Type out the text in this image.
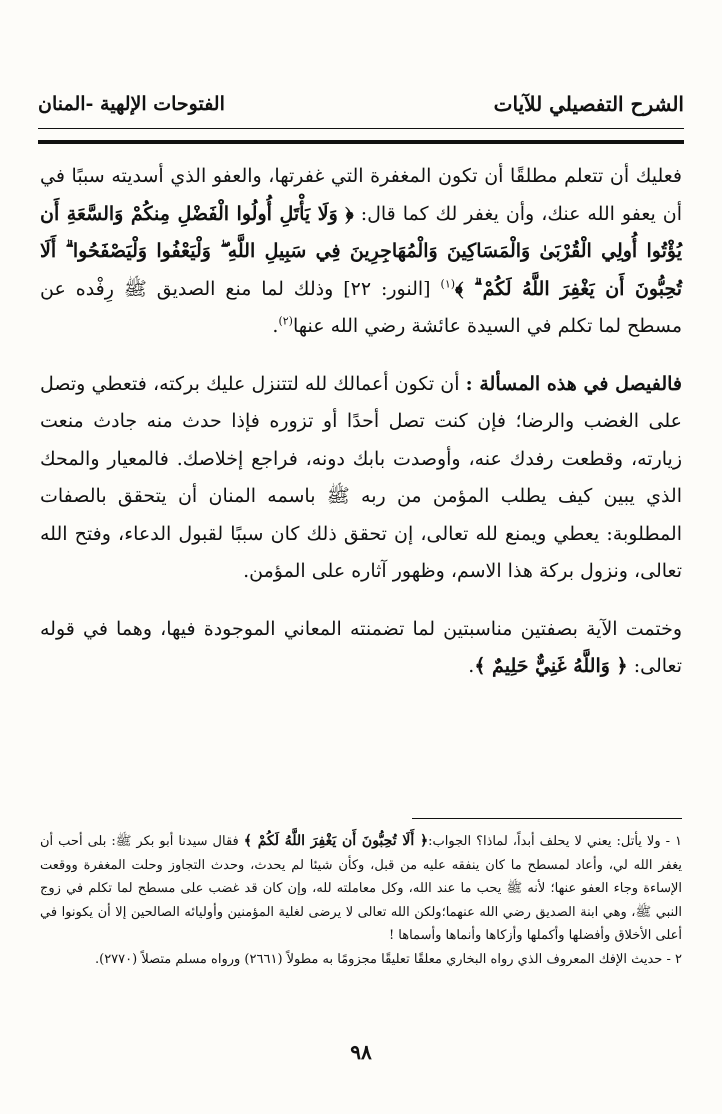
الشرح التفصيلي للآيات
الفتوحات الإلهية -المنان

فعليك أن تتعلم مطلقًا أن تكون المغفرة التي غفرتها، والعفو الذي أسديته سببًا في أن يعفو الله عنك، وأن يغفر لك كما قال: ﴿ وَلَا يَأْتَلِ أُولُوا الْفَضْلِ مِنكُمْ وَالسَّعَةِ أَن يُؤْتُوا أُولِي الْقُرْبَىٰ وَالْمَسَاكِينَ وَالْمُهَاجِرِينَ فِي سَبِيلِ اللَّهِ ۖ وَلْيَعْفُوا وَلْيَصْفَحُوا ۗ أَلَا تُحِبُّونَ أَن يَغْفِرَ اللَّهُ لَكُمْ ۗ ﴾$^{(١)}$ [النور: ٢٢] وذلك لما منع الصديق ﷺ رِفْده عن مسطح لما تكلم في السيدة عائشة رضي الله عنها$^{(٢)}$.

فالفيصل في هذه المسألة : أن تكون أعمالك لله لتتنزل عليك بركته، فتعطي وتصل على الغضب والرضا؛ فإن كنت تصل أحدًا أو تزوره فإذا حدث منه جادث منعت زيارته، وقطعت رفدك عنه، وأوصدت بابك دونه، فراجع إخلاصك. فالمعيار والمحك الذي يبين كيف يطلب المؤمن من ربه ﷺ باسمه المنان أن يتحقق بالصفات المطلوبة: يعطي ويمنع لله تعالى، إن تحقق ذلك كان سببًا لقبول الدعاء، وفتح الله تعالى، ونزول بركة هذا الاسم، وظهور آثاره على المؤمن.

وختمت الآية بصفتين مناسبتين لما تضمنته المعاني الموجودة فيها، وهما في قوله تعالى: ﴿ وَاللَّهُ غَنِيٌّ حَلِيمٌ ﴾.

١ - ولا يأتل: يعني لا يحلف أبداً، لماذا؟ الجواب:﴿ أَلَا تُحِبُّونَ أَن يَغْفِرَ اللَّهُ لَكُمْ ﴾ فقال سيدنا أبو بكر ﷺ: بلى أحب أن يغفر الله لي، وأعاد لمسطح ما كان ينفقه عليه من قبل، وكأن شيئا لم يحدث، وحدث التجاوز وحلت المغفرة ووقعت الإساءة وجاء العفو عنها؛ لأنه ﷺ يحب ما عند الله، وكل معاملته لله، وإن كان قد غضب على مسطح لما تكلم في زوج النبي ﷺ، وهي ابنة الصديق رضي الله عنهما؛ولكن الله تعالى لا يرضى لغلية المؤمنين وأوليائه الصالحين إلا أن يكونوا في أعلى الأخلاق وأفضلها وأكملها وأزكاها وأنماها وأسماها !

٢ - حديث الإفك المعروف الذي رواه البخاري معلقًا تعليقًا مجزومًا به مطولاً (٢٦٦١) ورواه مسلم متصلاً (٢٧٧٠).

٩٨
